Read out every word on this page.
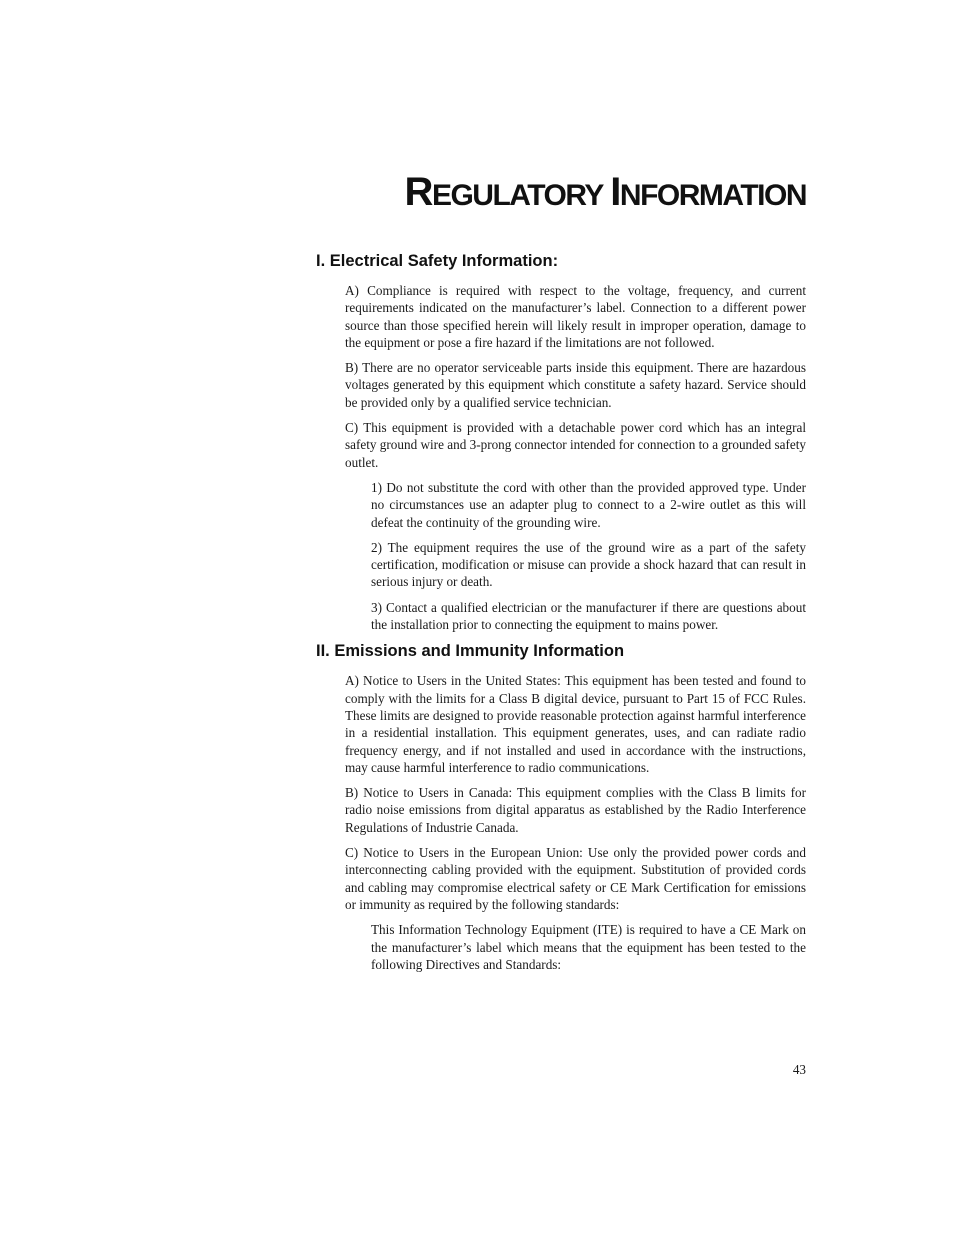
REGULATORY INFORMATION
I. Electrical Safety Information:

A) Compliance is required with respect to the voltage, frequency, and current requirements indicated on the manufacturer’s label. Connection to a different power source than those specified herein will likely result in improper operation, damage to the equipment or pose a fire hazard if the limitations are not followed.

B) There are no operator serviceable parts inside this equipment. There are hazardous voltages generated by this equipment which constitute a safety hazard. Service should be provided only by a qualified service technician.

C) This equipment is provided with a detachable power cord which has an integral safety ground wire and 3-prong connector intended for connection to a grounded safety outlet.

1) Do not substitute the cord with other than the provided approved type. Under no circumstances use an adapter plug to connect to a 2-wire outlet as this will defeat the continuity of the grounding wire.

2) The equipment requires the use of the ground wire as a part of the safety certification, modification or misuse can provide a shock hazard that can result in serious injury or death.

3) Contact a qualified electrician or the manufacturer if there are questions about the installation prior to connecting the equipment to mains power.

II. Emissions and Immunity Information

A) Notice to Users in the United States: This equipment has been tested and found to comply with the limits for a Class B digital device, pursuant to Part 15 of FCC Rules. These limits are designed to provide reasonable protection against harmful interference in a residential installation. This equipment generates, uses, and can radiate radio frequency energy, and if not installed and used in accordance with the instructions, may cause harmful interference to radio communications.

B) Notice to Users in Canada: This equipment complies with the Class B limits for radio noise emissions from digital apparatus as established by the Radio Interference Regulations of Industrie Canada.

C) Notice to Users in the European Union: Use only the provided power cords and interconnecting cabling provided with the equipment. Substitution of provided cords and cabling may compromise electrical safety or CE Mark Certification for emissions or immunity as required by the following standards:

This Information Technology Equipment (ITE) is required to have a CE Mark on the manufacturer’s label which means that the equipment has been tested to the following Directives and Standards:

43
